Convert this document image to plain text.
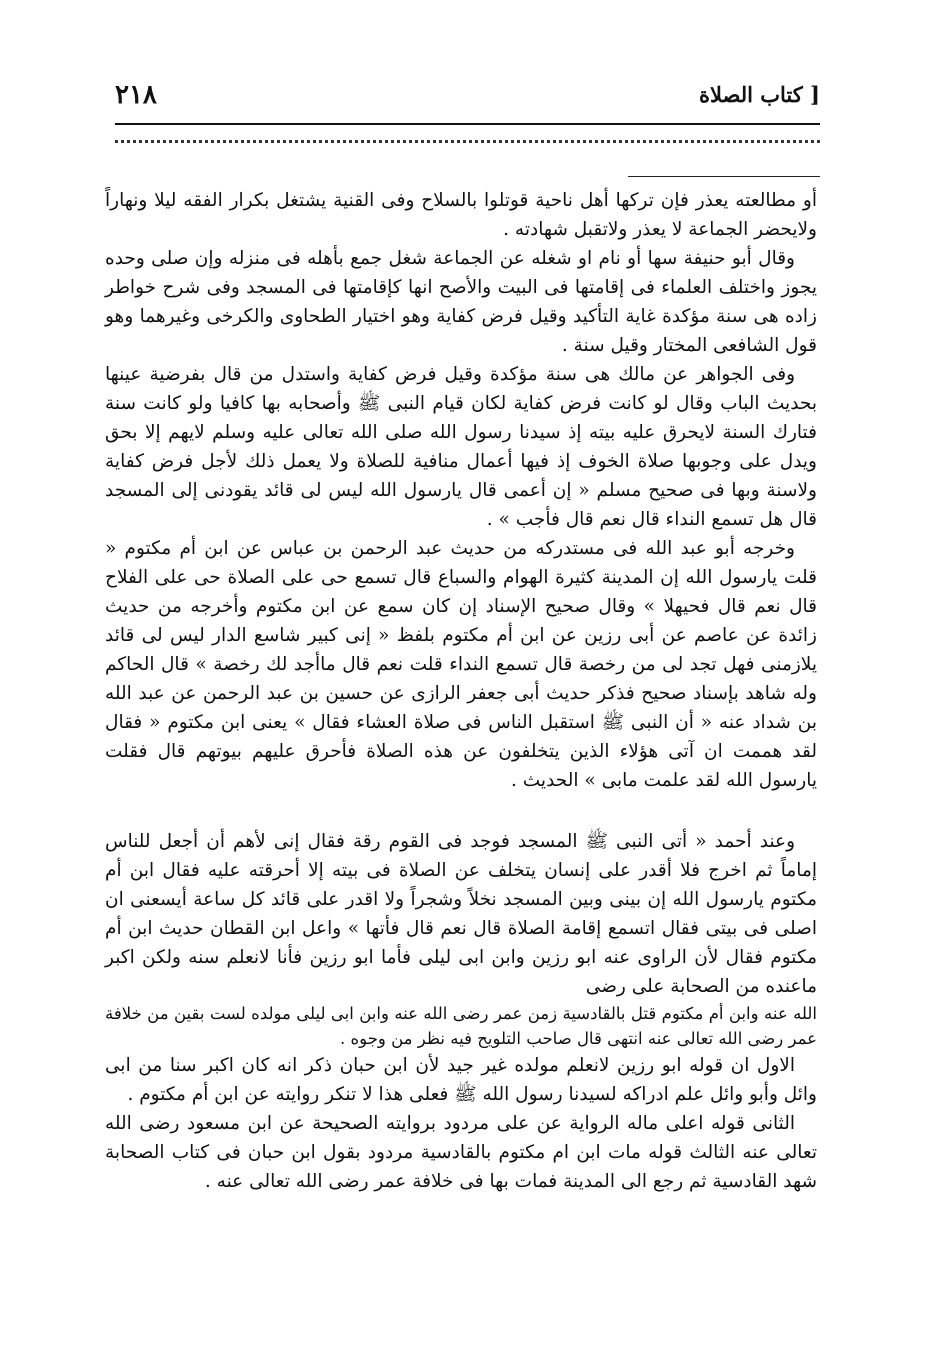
٢١٨	[ كتاب الصلاة

أو مطالعته يعذر فإن تركها أهل ناحية قوتلوا بالسلاح وفى القنية يشتغل بكرار الفقه ليلا ونهاراً ولايحضر الجماعة لا يعذر ولاتقبل شهادته .

وقال أبو حنيفة سها أو نام او شغله عن الجماعة شغل جمع بأهله فى منزله وإن صلى وحده يجوز واختلف العلماء فى إقامتها فى البيت والأصح انها كإقامتها فى المسجد وفى شرح خواطر زاده هى سنة مؤكدة غاية التأكيد وقيل فرض كفاية وهو اختيار الطحاوى والكرخى وغيرهما وهو قول الشافعى المختار وقيل سنة .

وفى الجواهر عن مالك هى سنة مؤكدة وقيل فرض كفاية واستدل من قال بفرضية عينها بحديث الباب وقال لو كانت فرض كفاية لكان قيام النبى ﷺ وأصحابه بها كافيا ولو كانت سنة فتارك السنة لايحرق عليه بيته إذ سيدنا رسول الله صلى الله تعالى عليه وسلم لايهم إلا بحق ويدل على وجوبها صلاة الخوف إذ فيها أعمال منافية للصلاة ولا يعمل ذلك لأجل فرض كفاية ولاسنة وبها فى صحيح مسلم « إن أعمى قال يارسول الله ليس لى قائد يقودنى إلى المسجد قال هل تسمع النداء قال نعم قال فأجب » .

وخرجه أبو عبد الله فى مستدركه من حديث عبد الرحمن بن عباس عن ابن أم مكتوم « قلت يارسول الله إن المدينة كثيرة الهوام والسباع قال تسمع حى على الصلاة حى على الفلاح قال نعم قال فحيهلا » وقال صحيح الإسناد إن كان سمع عن ابن مكتوم وأخرجه من حديث زائدة عن عاصم عن أبى رزين عن ابن أم مكتوم بلفظ « إنى كبير شاسع الدار ليس لى قائد يلازمنى فهل تجد لى من رخصة قال تسمع النداء قلت نعم قال ماأجد لك رخصة » قال الحاكم وله شاهد بإسناد صحيح فذكر حديث أبى جعفر الرازى عن حسين بن عبد الرحمن عن عبد الله بن شداد عنه « أن النبى ﷺ استقبل الناس فى صلاة العشاء فقال » يعنى ابن مكتوم « فقال لقد هممت ان آتى هؤلاء الذين يتخلفون عن هذه الصلاة فأحرق عليهم بيوتهم قال فقلت يارسول الله لقد علمت مابى » الحديث .

وعند أحمد « أتى النبى ﷺ المسجد فوجد فى القوم رقة فقال إنى لأهم أن أجعل للناس إماماً ثم اخرج فلا أقدر على إنسان يتخلف عن الصلاة فى بيته إلا أحرقته عليه فقال ابن أم مكتوم يارسول الله إن بينى وبين المسجد نخلاً وشجراً ولا اقدر على قائد كل ساعة أيسعنى ان اصلى فى بيتى فقال اتسمع إقامة الصلاة قال نعم قال فأتها » واعل ابن القطان حديث ابن أم مكتوم فقال لأن الراوى عنه ابو رزين وابن ابى ليلى فأما ابو رزين فأنا لانعلم سنه ولكن اكبر ماعنده من الصحابة على رضى

الله عنه وابن أم مكتوم قتل بالقادسية زمن عمر رضى الله عنه وابن ابى ليلى مولده لست بقين من خلافة عمر رضى الله تعالى عنه انتهى قال صاحب التلويح فيه نظر من وجوه .

الاول ان قوله ابو رزين لانعلم مولده غير جيد لأن ابن حبان ذكر انه كان اكبر سنا من ابى وائل وأبو وائل علم ادراكه لسيدنا رسول الله ﷺ فعلى هذا لا تنكر روايته عن ابن أم مكتوم .

الثانى قوله اعلى ماله الرواية عن على مردود بروايته الصحيحة عن ابن مسعود رضى الله تعالى عنه الثالث قوله مات ابن ام مكتوم بالقادسية مردود بقول ابن حبان فى كتاب الصحابة شهد القادسية ثم رجع الى المدينة فمات بها فى خلافة عمر رضى الله تعالى عنه .
